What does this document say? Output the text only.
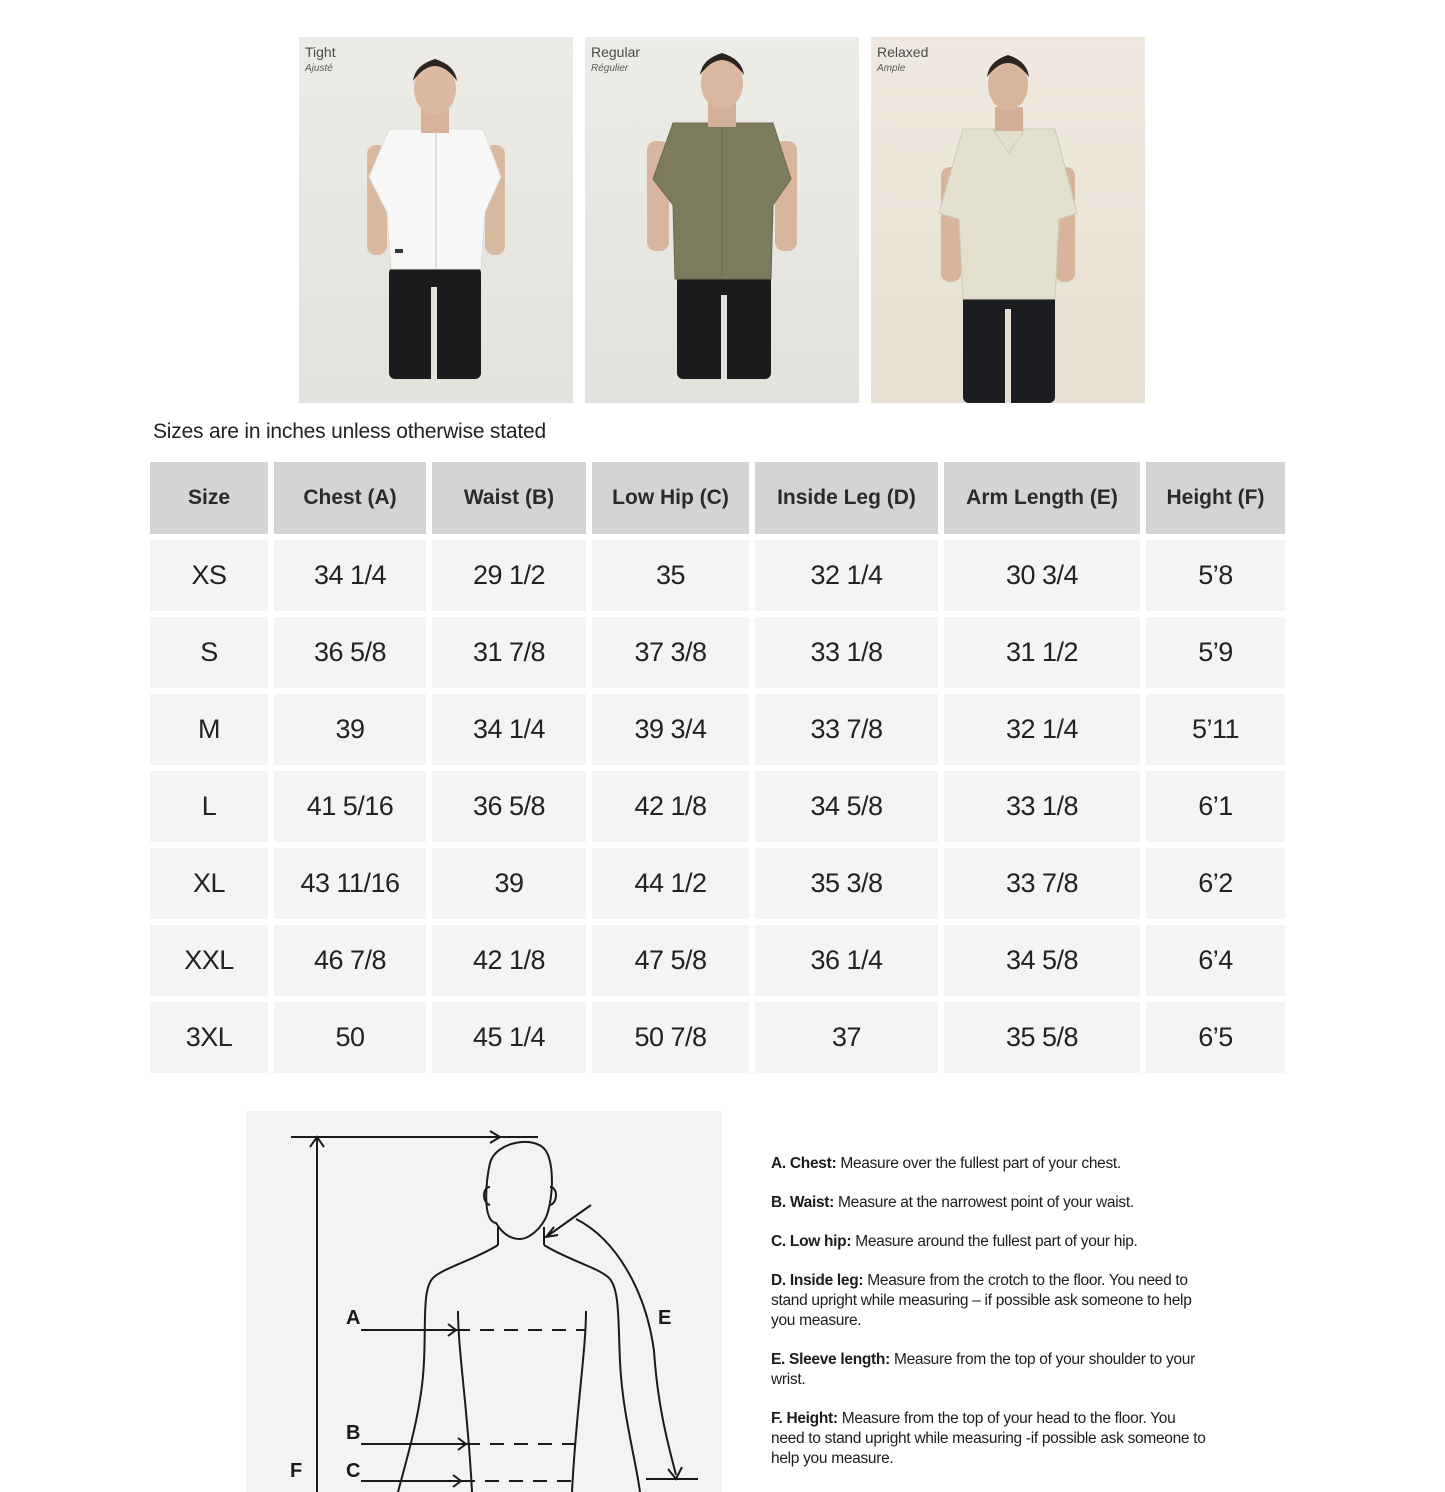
Tight
Ajusté
Regular
Régulier
Relaxed
Ample
Sizes are in inches unless otherwise stated
Size	Chest (A)	Waist (B)	Low Hip (C)	Inside Leg (D)	Arm Length (E)	Height (F)
XS	34 1/4	29 1/2	35	32 1/4	30 3/4	5’8
S	36 5/8	31 7/8	37 3/8	33 1/8	31 1/2	5’9
M	39	34 1/4	39 3/4	33 7/8	32 1/4	5’11
L	41 5/16	36 5/8	42 1/8	34 5/8	33 1/8	6’1
XL	43 11/16	39	44 1/2	35 3/8	33 7/8	6’2
XXL	46 7/8	42 1/8	47 5/8	36 1/4	34 5/8	6’4
3XL	50	45 1/4	50 7/8	37	35 5/8	6’5
A	E
B
C
F

A. Chest: Measure over the fullest part of your chest.

B. Waist: Measure at the narrowest point of your waist.

C. Low hip: Measure around the fullest part of your hip.

D. Inside leg: Measure from the crotch to the floor. You need to stand upright while measuring – if possible ask someone to help you measure.

E. Sleeve length: Measure from the top of your shoulder to your wrist.

F. Height: Measure from the top of your head to the floor. You need to stand upright while measuring -if possible ask someone to help you measure.
